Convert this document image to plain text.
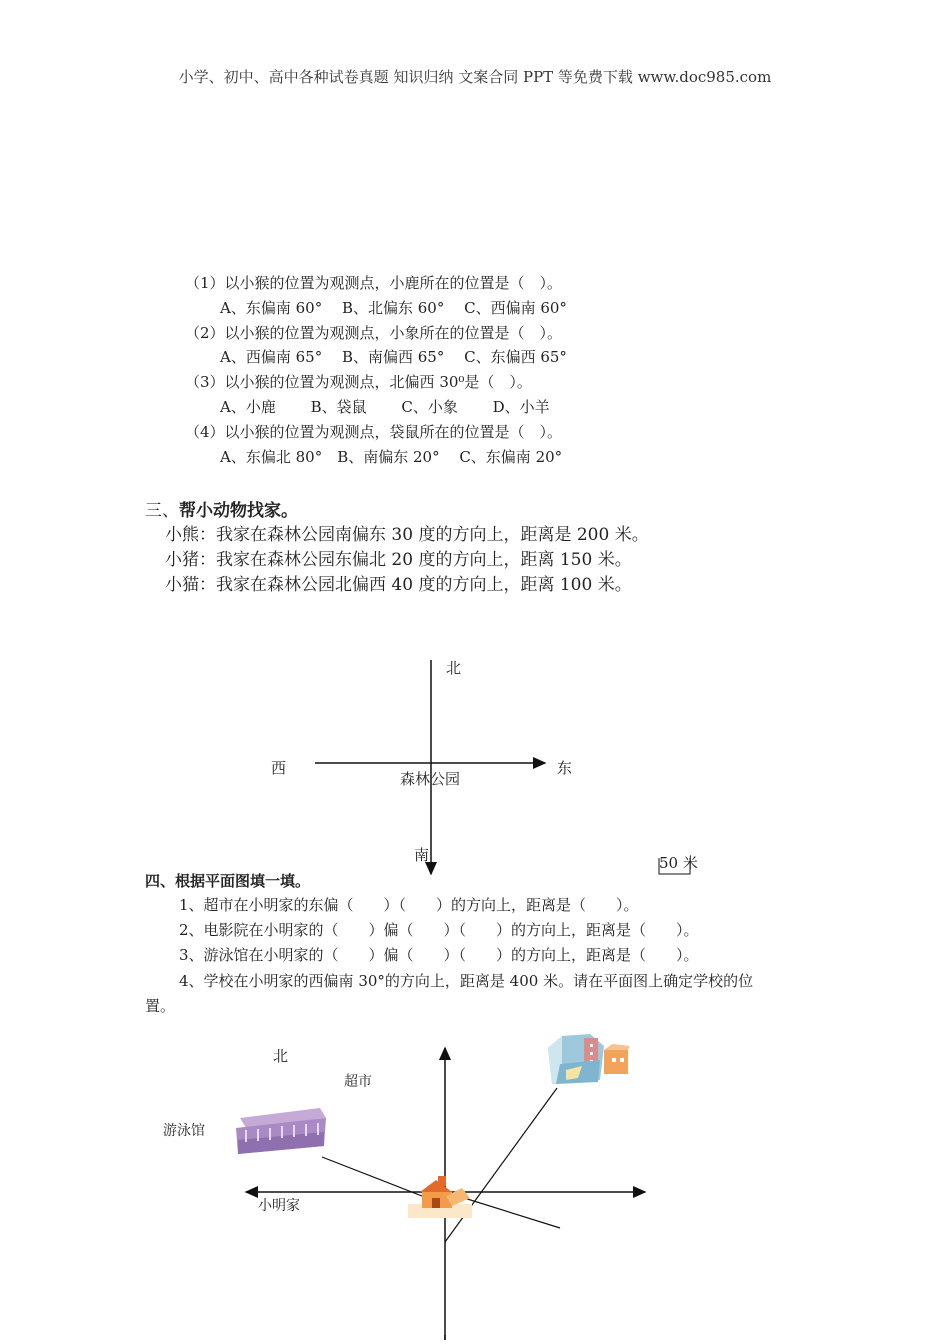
小学、初中、高中各种试卷真题 知识归纳 文案合同 PPT 等免费下载 www.doc985.com
（1）以小猴的位置为观测点，小鹿所在的位置是（　）。
A、东偏南 60°　 B、北偏东 60°　 C、西偏南 60°
（2）以小猴的位置为观测点，小象所在的位置是（　）。
A、西偏南 65°　 B、南偏西 65°　 C、东偏西 65°
（3）以小猴的位置为观测点，北偏西 30⁰是（　）。
A、小鹿　　 B、袋鼠　　 C、小象　　 D、小羊
（4）以小猴的位置为观测点，袋鼠所在的位置是（　）。
A、东偏北 80°　B、南偏东 20°　 C、东偏南 20°
三、帮小动物找家。
小熊：我家在森林公园南偏东 30 度的方向上，距离是 200 米。
小猪：我家在森林公园东偏北 20 度的方向上，距离 150 米。
小猫：我家在森林公园北偏西 40 度的方向上，距离 100 米。
北
西	东
森林公园
南	50 米
四、根据平面图填一填。
1、超市在小明家的东偏（　　）（　　）的方向上，距离是（　　）。
2、电影院在小明家的（　　）偏（　　）（　　）的方向上，距离是（　　）。
3、游泳馆在小明家的（　　）偏（　　）（　　）的方向上，距离是（　　）。
4、学校在小明家的西偏南 30°的方向上，距离是 400 米。请在平面图上确定学校的位
置。
北
超市
游泳馆
小明家
